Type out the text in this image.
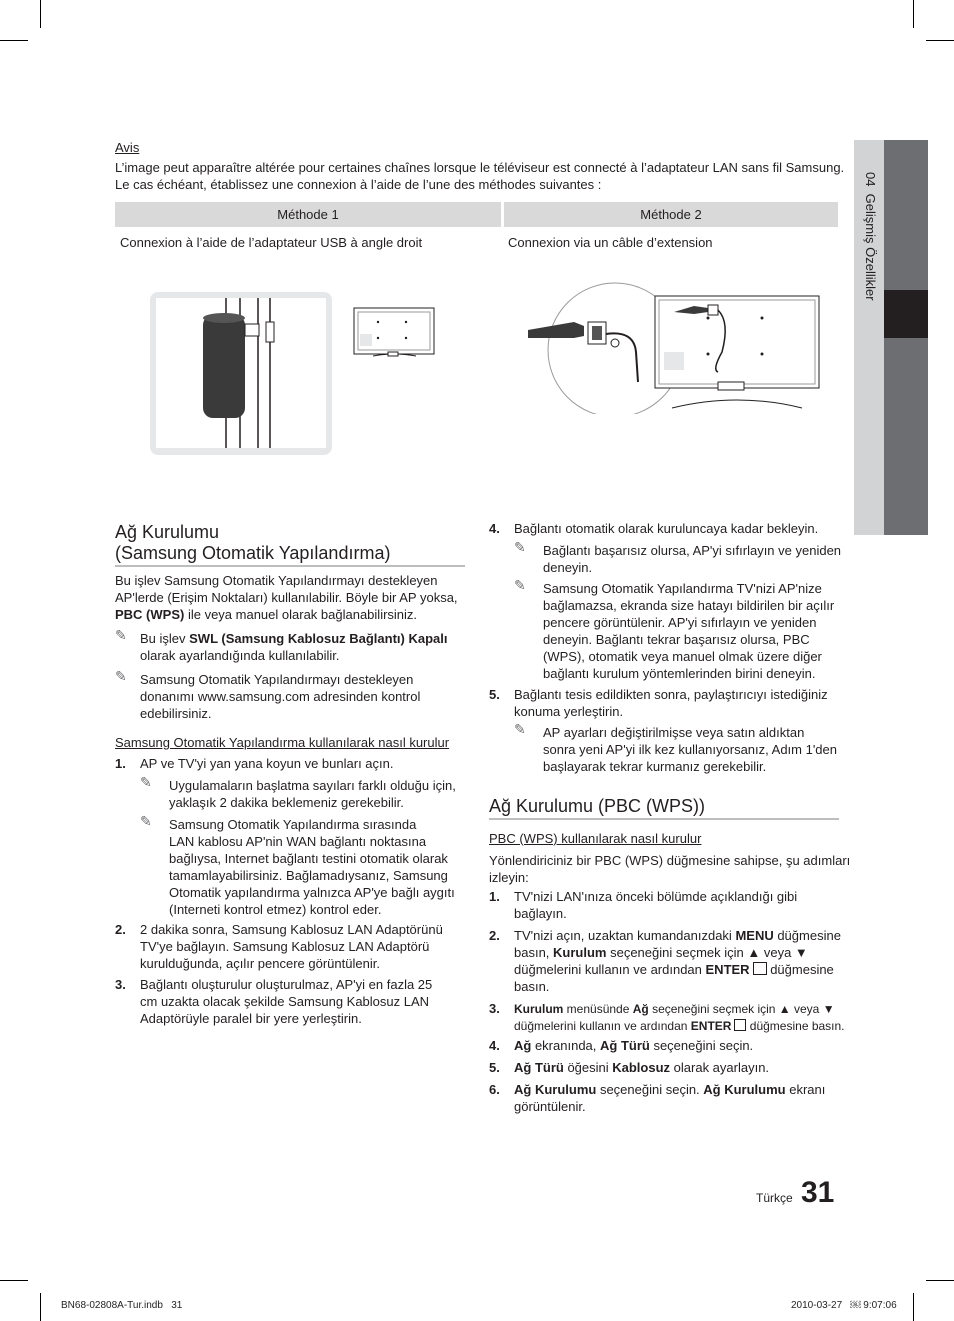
04  Gelişmiş Özellikler
Avis
L’image peut apparaître altérée pour certaines chaînes lorsque le téléviseur est connecté à l’adaptateur LAN sans fil Samsung.
Le cas échéant, établissez une connexion à l’aide de l’une des méthodes suivantes :
Méthode 1	Méthode 2
Connexion à l’aide de l’adaptateur USB à angle droit	Connexion via un câble d’extension
Ağ Kurulumu
(Samsung Otomatik Yapılandırma)
Bu işlev Samsung Otomatik Yapılandırmayı destekleyen
AP'lerde (Erişim Noktaları) kullanılabilir. Böyle bir AP yoksa,
PBC (WPS) ile veya manuel olarak bağlanabilirsiniz.
✎ Bu işlev SWL (Samsung Kablosuz Bağlantı) Kapalı
olarak ayarlandığında kullanılabilir.
✎ Samsung Otomatik Yapılandırmayı destekleyen
donanımı www.samsung.com adresinden kontrol
edebilirsiniz.
Samsung Otomatik Yapılandırma kullanılarak nasıl kurulur
1. AP ve TV'yi yan yana koyun ve bunları açın.
✎ Uygulamaların başlatma sayıları farklı olduğu için,
yaklaşık 2 dakika beklemeniz gerekebilir.
✎ Samsung Otomatik Yapılandırma sırasında
LAN kablosu AP'nin WAN bağlantı noktasına
bağlıysa, Internet bağlantı testini otomatik olarak
tamamlayabilirsiniz. Bağlamadıysanız, Samsung
Otomatik yapılandırma yalnızca AP'ye bağlı aygıtı
(Interneti kontrol etmez) kontrol eder.
2. 2 dakika sonra, Samsung Kablosuz LAN Adaptörünü
TV'ye bağlayın. Samsung Kablosuz LAN Adaptörü
kurulduğunda, açılır pencere görüntülenir.
3. Bağlantı oluşturulur oluşturulmaz, AP'yi en fazla 25
cm uzakta olacak şekilde Samsung Kablosuz LAN
Adaptörüyle paralel bir yere yerleştirin.
4. Bağlantı otomatik olarak kuruluncaya kadar bekleyin.
✎ Bağlantı başarısız olursa, AP'yi sıfırlayın ve yeniden
deneyin.
✎ Samsung Otomatik Yapılandırma TV'nizi AP'nize
bağlamazsa, ekranda size hatayı bildirilen bir açılır
pencere görüntülenir. AP'yi sıfırlayın ve yeniden
deneyin. Bağlantı tekrar başarısız olursa, PBC
(WPS), otomatik veya manuel olmak üzere diğer
bağlantı kurulum yöntemlerinden birini deneyin.
5. Bağlantı tesis edildikten sonra, paylaştırıcıyı istediğiniz
konuma yerleştirin.
✎ AP ayarları değiştirilmişse veya satın aldıktan
sonra yeni AP'yi ilk kez kullanıyorsanız, Adım 1'den
başlayarak tekrar kurmanız gerekebilir.
Ağ Kurulumu (PBC (WPS))
PBC (WPS) kullanılarak nasıl kurulur
Yönlendiriciniz bir PBC (WPS) düğmesine sahipse, şu adımları
izleyin:
1. TV'nizi LAN'ınıza önceki bölümde açıklandığı gibi
bağlayın.
2. TV'nizi açın, uzaktan kumandanızdaki MENU düğmesine
basın, Kurulum seçeneğini seçmek için ▲ veya ▼
düğmelerini kullanın ve ardından ENTER düğmesine
basın.
3. Kurulum menüsünde Ağ seçeneğini seçmek için ▲ veya ▼
düğmelerini kullanın ve ardından ENTER düğmesine basın.
4. Ağ ekranında, Ağ Türü seçeneğini seçin.
5. Ağ Türü öğesini Kablosuz olarak ayarlayın.
6. Ağ Kurulumu seçeneğini seçin. Ağ Kurulumu ekranı
görüntülenir.
Türkçe 31
BN68-02808A-Tur.indb   31	2010-03-27   ￼ 9:07:06
